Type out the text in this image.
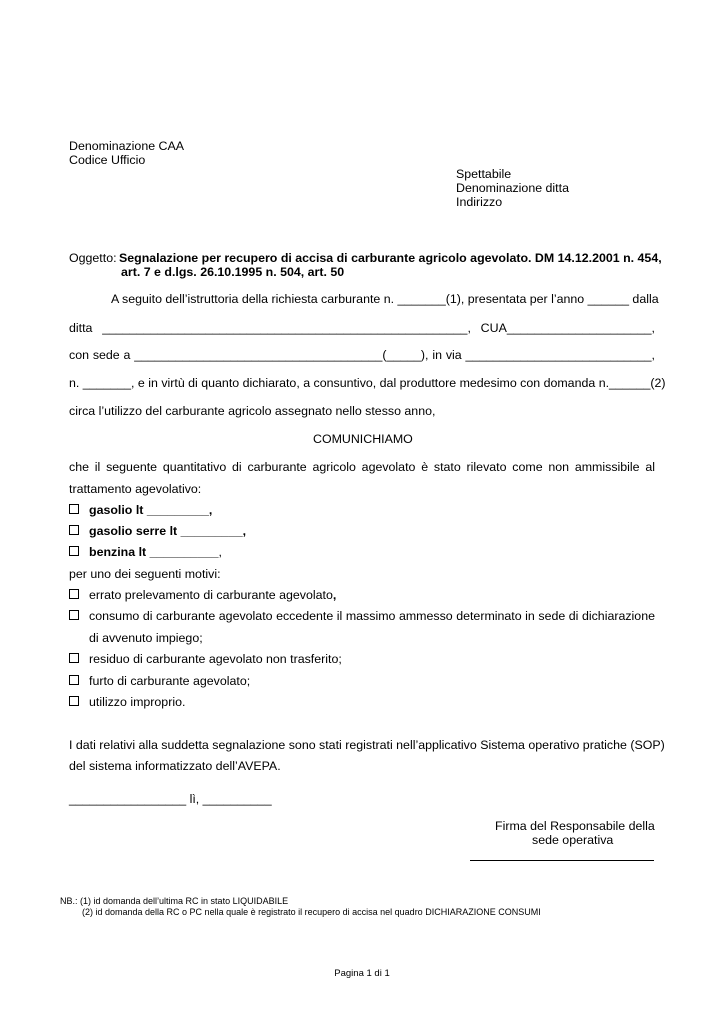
Denominazione CAA
Codice Ufficio
Spettabile
Denominazione ditta
Indirizzo
Oggetto: Segnalazione per recupero di accisa di carburante agricolo agevolato. DM 14.12.2001 n. 454,
art. 7 e d.lgs. 26.10.1995 n. 504, art. 50
A seguito dell’istruttoria della richiesta carburante n. _______(1), presentata per l’anno ______ dalla
ditta _____________________________________________________, CUA_____________________,
con sede a ____________________________________(_____), in via ___________________________,
n. _______, e in virtù di quanto dichiarato, a consuntivo, dal produttore medesimo con domanda n.______(2)
circa l’utilizzo del carburante agricolo assegnato nello stesso anno,
COMUNICHIAMO
che il seguente quantitativo di carburante agricolo agevolato è stato rilevato come non ammissibile al
trattamento agevolativo:
gasolio lt _________,
gasolio serre lt _________,
benzina lt __________,
per uno dei seguenti motivi:
errato prelevamento di carburante agevolato,
consumo di carburante agevolato eccedente il massimo ammesso determinato in sede di dichiarazione
di avvenuto impiego;
residuo di carburante agevolato non trasferito;
furto di carburante agevolato;
utilizzo improprio.
I dati relativi alla suddetta segnalazione sono stati registrati nell’applicativo Sistema operativo pratiche (SOP)
del sistema informatizzato dell’AVEPA.
_________________ lì, __________
Firma del Responsabile della
sede operativa
NB.: (1) id domanda dell’ultima RC in stato LIQUIDABILE
(2) id domanda della RC o PC nella quale è registrato il recupero di accisa nel quadro DICHIARAZIONE CONSUMI
Pagina 1 di 1
